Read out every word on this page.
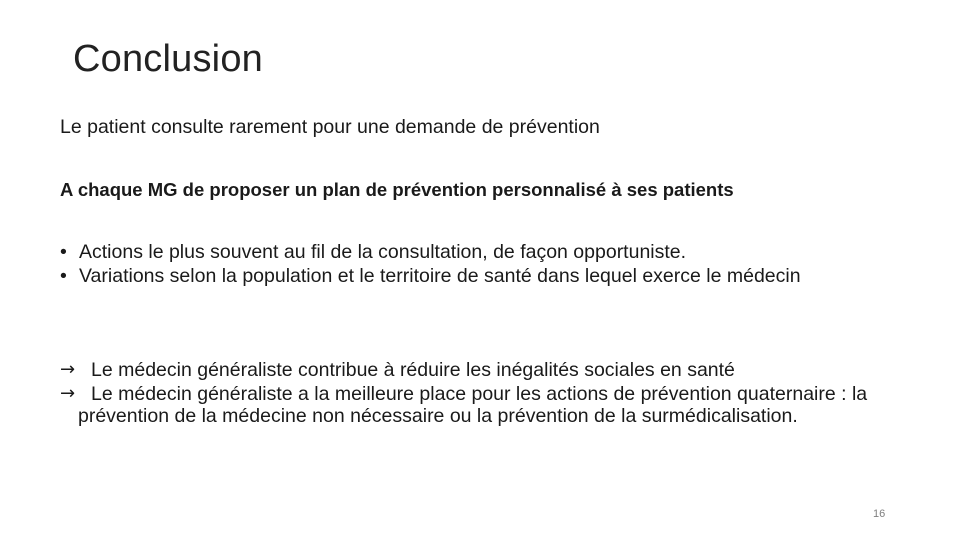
Conclusion
Le patient consulte rarement pour une demande de prévention
A chaque MG de proposer un plan de prévention personnalisé à ses patients
• Actions le plus souvent au fil de la consultation, de façon opportuniste.
• Variations selon la population et le territoire de santé dans lequel exerce le médecin
→ Le médecin généraliste contribue à réduire les inégalités sociales en santé
→ Le médecin généraliste a la meilleure place pour les actions de prévention quaternaire : la prévention de la médecine non nécessaire ou la prévention de la surmédicalisation.
16
